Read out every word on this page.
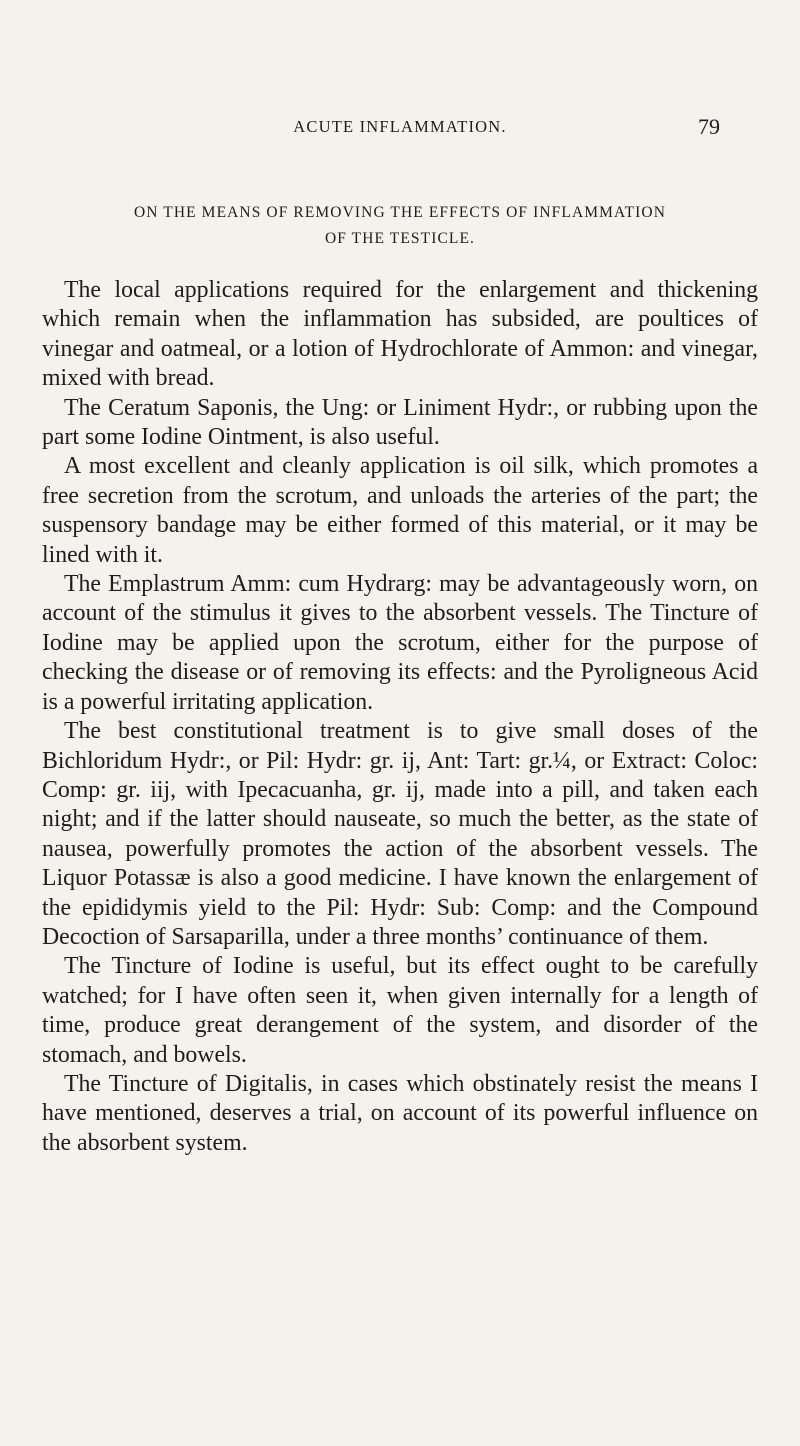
ACUTE INFLAMMATION.	79
ON THE MEANS OF REMOVING THE EFFECTS OF INFLAMMATION
OF THE TESTICLE.

The local applications required for the enlargement and thickening which remain when the inflammation has subsided, are poultices of vinegar and oatmeal, or a lotion of Hydrochlorate of Ammon: and vinegar, mixed with bread.

The Ceratum Saponis, the Ung: or Liniment Hydr:, or rubbing upon the part some Iodine Ointment, is also useful.

A most excellent and cleanly application is oil silk, which promotes a free secretion from the scrotum, and unloads the arteries of the part; the suspensory bandage may be either formed of this material, or it may be lined with it.

The Emplastrum Amm: cum Hydrarg: may be advantageously worn, on account of the stimulus it gives to the absorbent vessels. The Tincture of Iodine may be applied upon the scrotum, either for the purpose of checking the disease or of removing its effects: and the Pyroligneous Acid is a powerful irritating application.

The best constitutional treatment is to give small doses of the Bichloridum Hydr:, or Pil: Hydr: gr. ij, Ant: Tart: gr.¼, or Extract: Coloc: Comp: gr. iij, with Ipecacuanha, gr. ij, made into a pill, and taken each night; and if the latter should nauseate, so much the better, as the state of nausea, powerfully promotes the action of the absorbent vessels. The Liquor Potassæ is also a good medicine. I have known the enlargement of the epididymis yield to the Pil: Hydr: Sub: Comp: and the Compound Decoction of Sarsaparilla, under a three months’ continuance of them.

The Tincture of Iodine is useful, but its effect ought to be carefully watched; for I have often seen it, when given internally for a length of time, produce great derangement of the system, and disorder of the stomach, and bowels.

The Tincture of Digitalis, in cases which obstinately resist the means I have mentioned, deserves a trial, on account of its powerful influence on the absorbent system.
